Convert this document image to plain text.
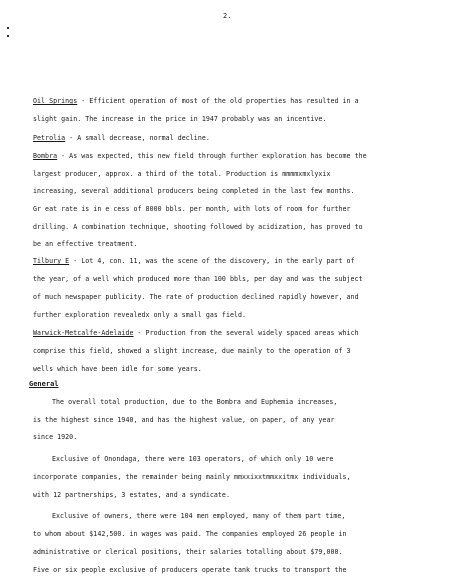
2.
Oil Springs - Efficient operation of most of the old properties has resulted in a
slight gain. The increase in the price in 1947 probably was an incentive.
Petrolia - A small decrease, normal decline.
Bombra - As was expected, this new field through further exploration has become the
largest producer, approx. a third of the total. Production is mmmmxmxlyxix
increasing, several additional producers being completed in the last few months.
Gr eat rate is in e cess of 8000 bbls. per month, with lots of room for further
drilling. A combination technique, shooting followed by acidization, has proved to
be an effective treatment.
Tilbury E - Lot 4, con. 11, was the scene of the discovery, in the early part of
the year, of a well which produced more than 100 bbls, per day and was the subject
of much newspaper publicity. The rate of production declined rapidly however, and
further exploration revealedx only a small gas field.
Warwick-Metcalfe-Adelaide - Production from the several widely spaced areas which
comprise this field, showed a slight increase, due mainly to the operation of 3
wells which have been idle for some years.
General
The overall total production, due to the Bombra and Euphemia increases,
is the highest since 1940, and has the highest value, on paper, of any year
since 1920.
Exclusive of Onondaga, there were 103 operators, of which only 10 were
incorporate companies, the remainder being mainly mmxxixxtmmxxitmx individuals,
with 12 partnerships, 3 estates, and a syndicate.
Exclusive of owners, there were 104 men employed, many of them part time,
to whom about $142,500. in wages was paid. The companies employed 26 people in
administrative or clerical positions, their salaries totalling about $79,000.
Five or six people exclusive of producers operate tank trucks to transport the
